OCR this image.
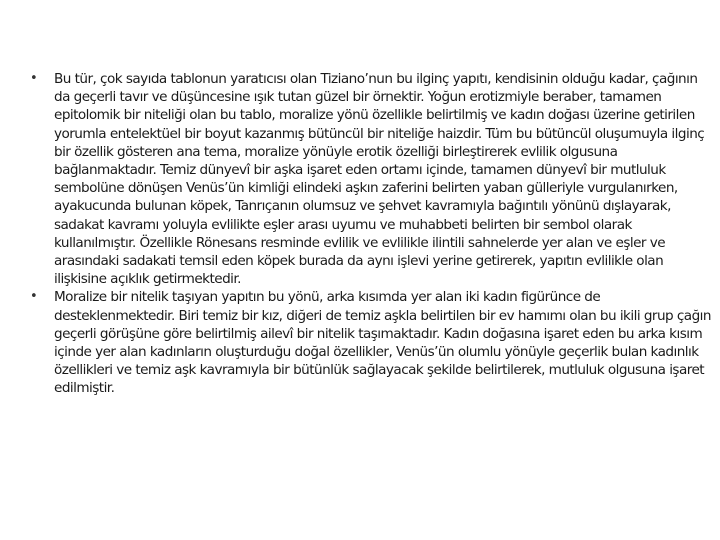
• Bu tür, çok sayıda tablonun yaratıcısı olan Tiziano’nun bu ilginç yapıtı, kendisinin olduğu kadar, çağının da geçerli tavır ve düşüncesine ışık tutan güzel bir örnektir. Yoğun erotizmiyle beraber, tamamen epitolomik bir niteliği olan bu tablo, moralize yönü özellikle belirtilmiş ve kadın doğası üzerine getirilen yorumla entelektüel bir boyut kazanmış bütüncül bir niteliğe haizdir. Tüm bu bütüncül oluşumuyla ilginç bir özellik gösteren ana tema, moralize yönüyle erotik özelliği birleştirerek evlilik olgusuna bağlanmaktadır. Temiz dünyevî bir aşka işaret eden ortamı içinde, tamamen dünyevî bir mutluluk sembolüne dönüşen Venüs’ün kimliği elindeki aşkın zaferini belirten yaban gülleriyle vurgulanırken, ayakucunda bulunan köpek, Tanrıçanın olumsuz ve şehvet kavramıyla bağıntılı yönünü dışlayarak, sadakat kavramı yoluyla evlilikte eşler arası uyumu ve muhabbeti belirten bir sembol olarak kullanılmıştır. Özellikle Rönesans resminde evlilik ve evlilikle ilintili sahnelerde yer alan ve eşler ve arasındaki sadakati temsil eden köpek burada da aynı işlevi yerine getirerek, yapıtın evlilikle olan ilişkisine açıklık getirmektedir.
• Moralize bir nitelik taşıyan yapıtın bu yönü, arka kısımda yer alan iki kadın figürünce de desteklenmektedir. Biri temiz bir kız, diğeri de temiz aşkla belirtilen bir ev hamımı olan bu ikili grup çağın geçerli görüşüne göre belirtilmiş ailevî bir nitelik taşımaktadır. Kadın doğasına işaret eden bu arka kısım içinde yer alan kadınların oluşturduğu doğal özellikler, Venüs’ün olumlu yönüyle geçerlik bulan kadınlık özellikleri ve temiz aşk kavramıyla bir bütünlük sağlayacak şekilde belirtilerek, mutluluk olgusuna işaret edilmiştir.
